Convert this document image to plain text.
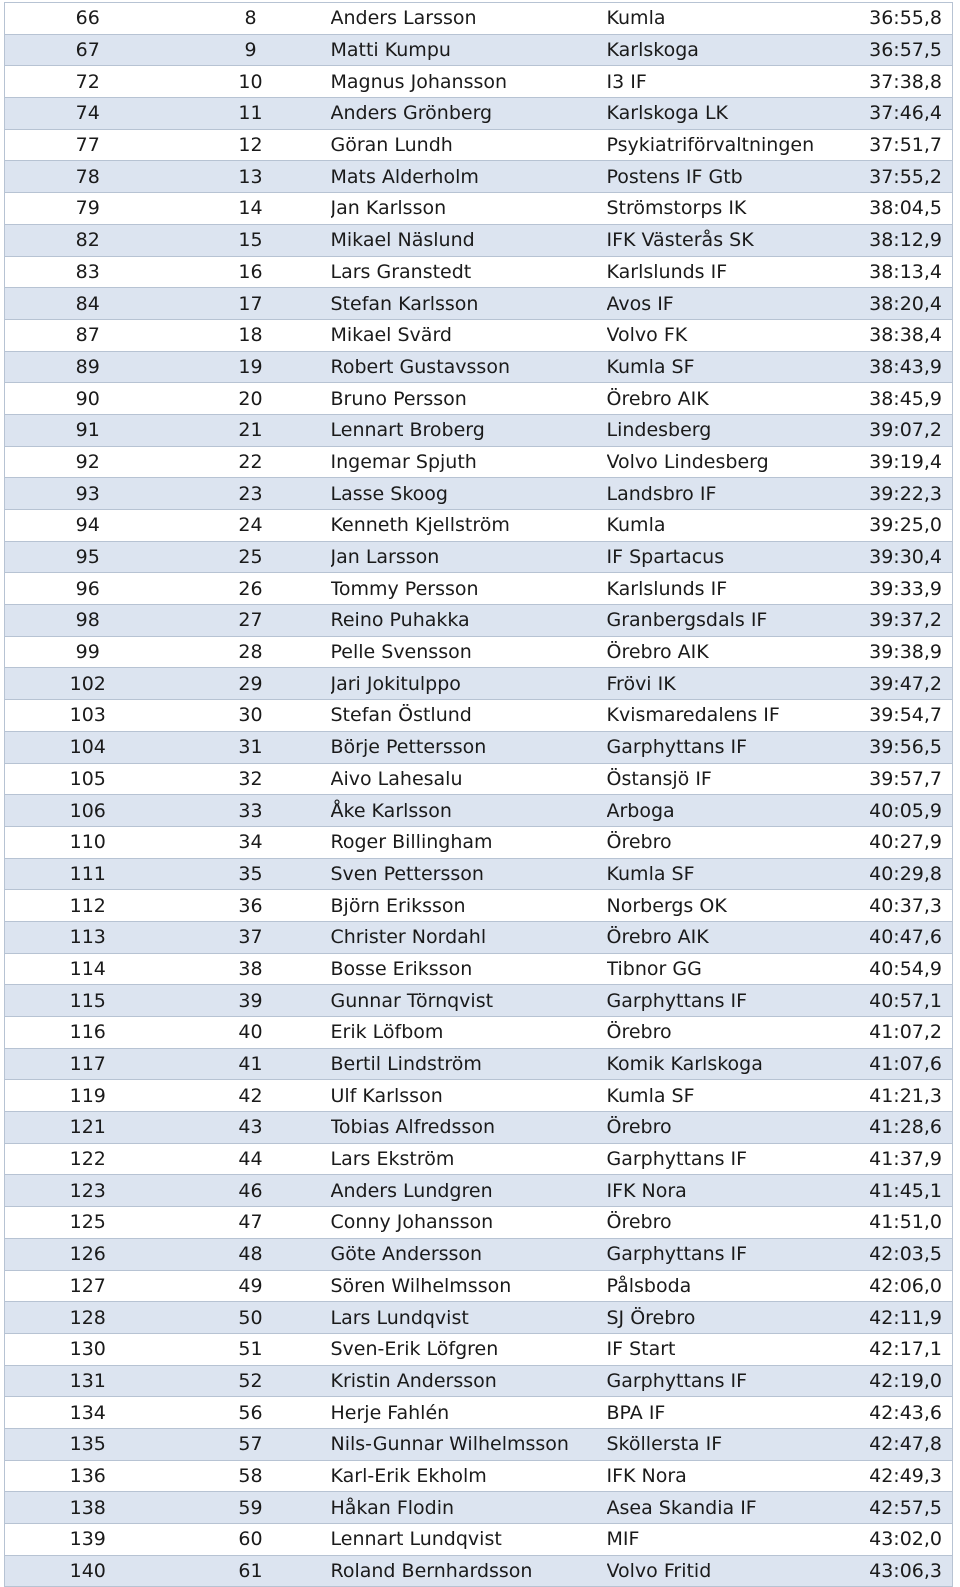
66	8	Anders Larsson	Kumla	36:55,8
67	9	Matti Kumpu	Karlskoga	36:57,5
72	10	Magnus Johansson	I3 IF	37:38,8
74	11	Anders Grönberg	Karlskoga LK	37:46,4
77	12	Göran Lundh	Psykiatriförvaltningen	37:51,7
78	13	Mats Alderholm	Postens IF Gtb	37:55,2
79	14	Jan Karlsson	Strömstorps IK	38:04,5
82	15	Mikael Näslund	IFK Västerås SK	38:12,9
83	16	Lars Granstedt	Karlslunds IF	38:13,4
84	17	Stefan Karlsson	Avos IF	38:20,4
87	18	Mikael Svärd	Volvo FK	38:38,4
89	19	Robert Gustavsson	Kumla SF	38:43,9
90	20	Bruno Persson	Örebro AIK	38:45,9
91	21	Lennart Broberg	Lindesberg	39:07,2
92	22	Ingemar Spjuth	Volvo Lindesberg	39:19,4
93	23	Lasse Skoog	Landsbro IF	39:22,3
94	24	Kenneth Kjellström	Kumla	39:25,0
95	25	Jan Larsson	IF Spartacus	39:30,4
96	26	Tommy Persson	Karlslunds IF	39:33,9
98	27	Reino Puhakka	Granbergsdals IF	39:37,2
99	28	Pelle Svensson	Örebro AIK	39:38,9
102	29	Jari Jokitulppo	Frövi IK	39:47,2
103	30	Stefan Östlund	Kvismaredalens IF	39:54,7
104	31	Börje Pettersson	Garphyttans IF	39:56,5
105	32	Aivo Lahesalu	Östansjö IF	39:57,7
106	33	Åke Karlsson	Arboga	40:05,9
110	34	Roger Billingham	Örebro	40:27,9
111	35	Sven Pettersson	Kumla SF	40:29,8
112	36	Björn Eriksson	Norbergs OK	40:37,3
113	37	Christer Nordahl	Örebro AIK	40:47,6
114	38	Bosse Eriksson	Tibnor GG	40:54,9
115	39	Gunnar Törnqvist	Garphyttans IF	40:57,1
116	40	Erik Löfbom	Örebro	41:07,2
117	41	Bertil Lindström	Komik Karlskoga	41:07,6
119	42	Ulf Karlsson	Kumla SF	41:21,3
121	43	Tobias Alfredsson	Örebro	41:28,6
122	44	Lars Ekström	Garphyttans IF	41:37,9
123	46	Anders Lundgren	IFK Nora	41:45,1
125	47	Conny Johansson	Örebro	41:51,0
126	48	Göte Andersson	Garphyttans IF	42:03,5
127	49	Sören Wilhelmsson	Pålsboda	42:06,0
128	50	Lars Lundqvist	SJ Örebro	42:11,9
130	51	Sven-Erik Löfgren	IF Start	42:17,1
131	52	Kristin Andersson	Garphyttans IF	42:19,0
134	56	Herje Fahlén	BPA IF	42:43,6
135	57	Nils-Gunnar Wilhelmsson	Sköllersta IF	42:47,8
136	58	Karl-Erik Ekholm	IFK Nora	42:49,3
138	59	Håkan Flodin	Asea Skandia IF	42:57,5
139	60	Lennart Lundqvist	MIF	43:02,0
140	61	Roland Bernhardsson	Volvo Fritid	43:06,3
